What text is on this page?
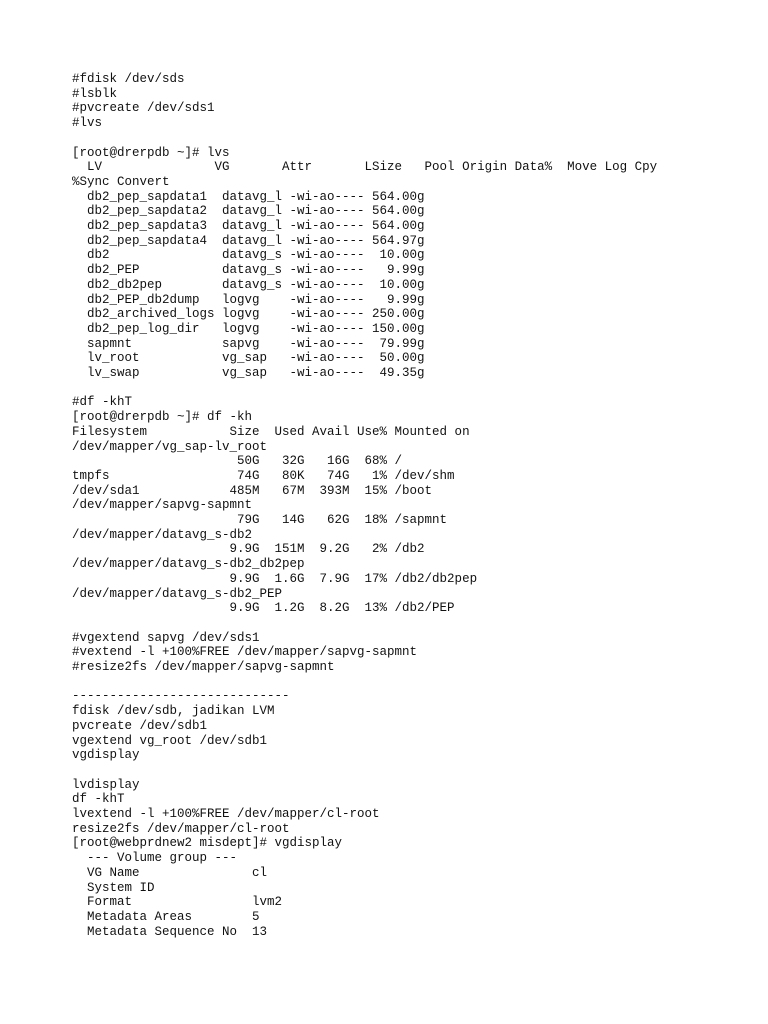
#fdisk /dev/sds
#lsblk
#pvcreate /dev/sds1
#lvs
[root@drerpdb ~]# lvs
LV               VG       Attr       LSize   Pool Origin Data%  Move Log Cpy
%Sync Convert
db2_pep_sapdata1  datavg_l -wi-ao---- 564.00g
db2_pep_sapdata2  datavg_l -wi-ao---- 564.00g
db2_pep_sapdata3  datavg_l -wi-ao---- 564.00g
db2_pep_sapdata4  datavg_l -wi-ao---- 564.97g
db2               datavg_s -wi-ao----  10.00g
db2_PEP           datavg_s -wi-ao----   9.99g
db2_db2pep        datavg_s -wi-ao----  10.00g
db2_PEP_db2dump   logvg    -wi-ao----   9.99g
db2_archived_logs logvg    -wi-ao---- 250.00g
db2_pep_log_dir   logvg    -wi-ao---- 150.00g
sapmnt            sapvg    -wi-ao----  79.99g
lv_root           vg_sap   -wi-ao----  50.00g
lv_swap           vg_sap   -wi-ao----  49.35g
#df -khT
[root@drerpdb ~]# df -kh
Filesystem           Size  Used Avail Use% Mounted on
/dev/mapper/vg_sap-lv_root
50G   32G   16G  68% /
tmpfs                 74G   80K   74G   1% /dev/shm
/dev/sda1            485M   67M  393M  15% /boot
/dev/mapper/sapvg-sapmnt
79G   14G   62G  18% /sapmnt
/dev/mapper/datavg_s-db2
9.9G  151M  9.2G   2% /db2
/dev/mapper/datavg_s-db2_db2pep
9.9G  1.6G  7.9G  17% /db2/db2pep
/dev/mapper/datavg_s-db2_PEP
9.9G  1.2G  8.2G  13% /db2/PEP
#vgextend sapvg /dev/sds1
#vextend -l +100%FREE /dev/mapper/sapvg-sapmnt
#resize2fs /dev/mapper/sapvg-sapmnt
-----------------------------
fdisk /dev/sdb, jadikan LVM
pvcreate /dev/sdb1
vgextend vg_root /dev/sdb1
vgdisplay
lvdisplay
df -khT
lvextend -l +100%FREE /dev/mapper/cl-root
resize2fs /dev/mapper/cl-root
[root@webprdnew2 misdept]# vgdisplay
--- Volume group ---
VG Name               cl
System ID
Format                lvm2
Metadata Areas        5
Metadata Sequence No  13
